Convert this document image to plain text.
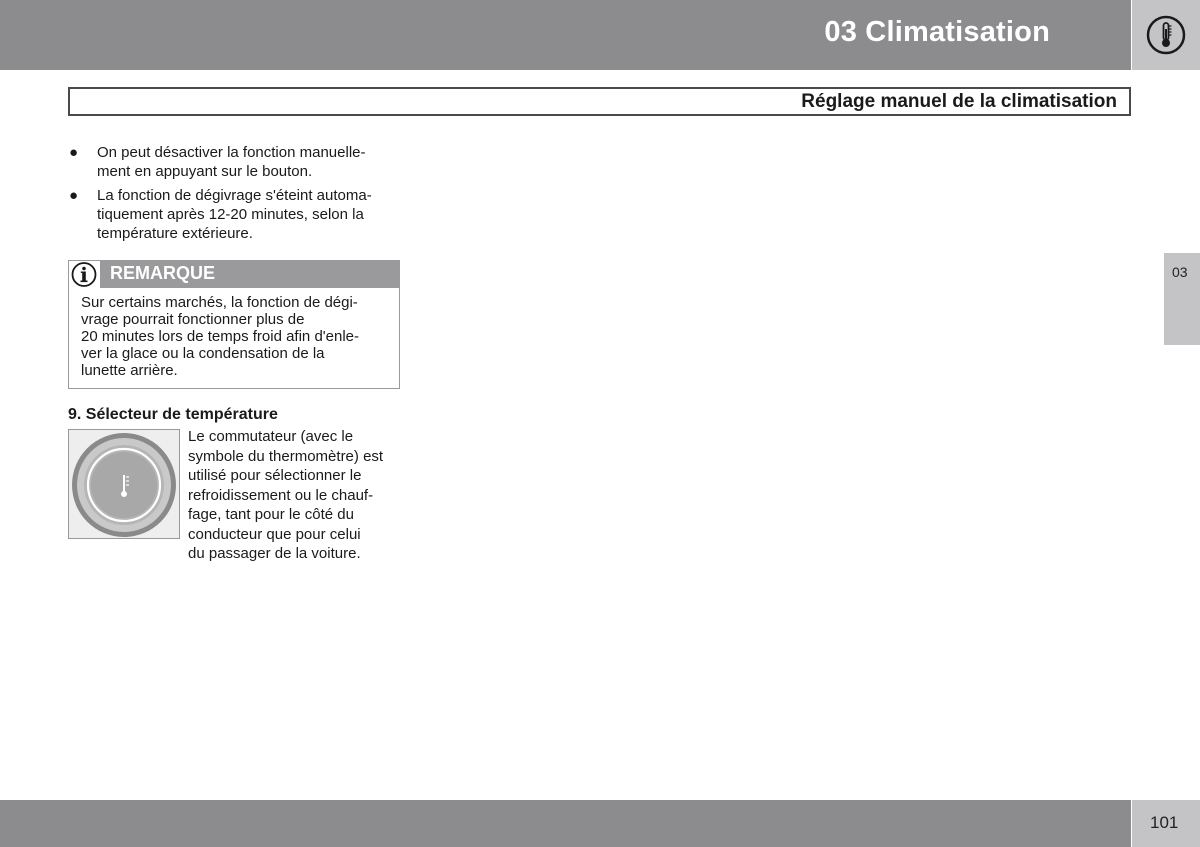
03 Climatisation
Réglage manuel de la climatisation
● On peut désactiver la fonction manuelle-
ment en appuyant sur le bouton.
● La fonction de dégivrage s'éteint automa-
tiquement après 12-20 minutes, selon la
température extérieure.
REMARQUE
Sur certains marchés, la fonction de dégi-
vrage pourrait fonctionner plus de
20 minutes lors de temps froid afin d'enle-
ver la glace ou la condensation de la
lunette arrière.
9. Sélecteur de température
Le commutateur (avec le
symbole du thermomètre) est
utilisé pour sélectionner le
refroidissement ou le chauf-
fage, tant pour le côté du
conducteur que pour celui
du passager de la voiture.
03
101
